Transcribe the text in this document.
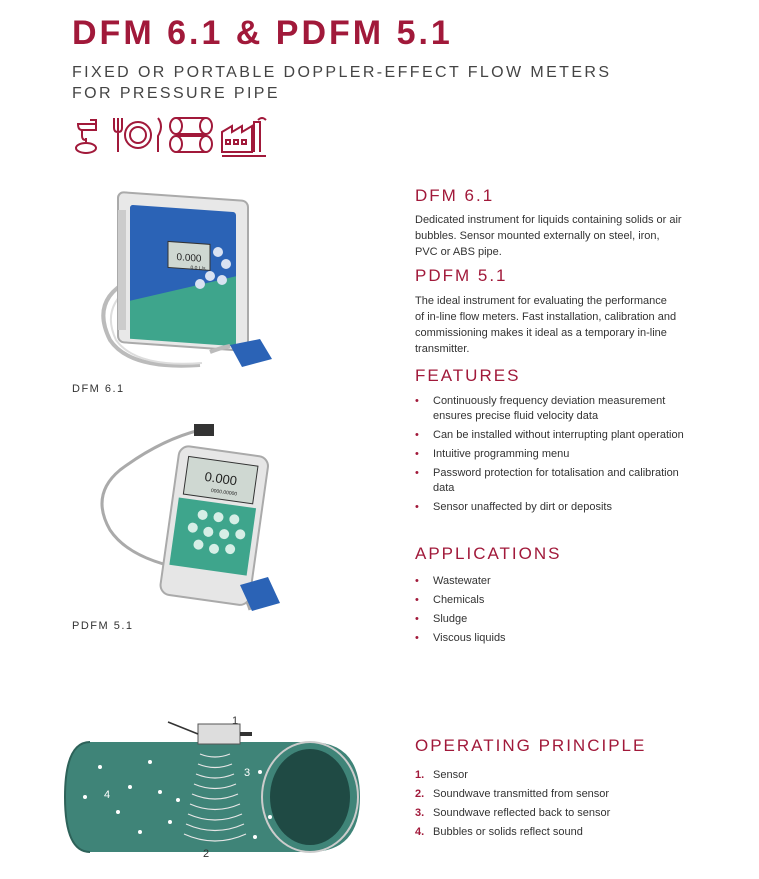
DFM 6.1 & PDFM 5.1
FIXED OR PORTABLE DOPPLER-EFFECT FLOW METERS
FOR PRESSURE PIPE
0.000
0.0 L/s
DFM 6.1
0.000
0000.00000
PDFM 5.1
DFM 6.1
Dedicated instrument for liquids containing solids or air bubbles. Sensor mounted externally on steel, iron, PVC or ABS pipe.
PDFM 5.1
The ideal instrument for evaluating the performance of in-line flow meters. Fast installation, calibration and commissioning makes it ideal as a temporary in-line transmitter.
FEATURES
• Continuously frequency deviation measurement ensures precise fluid velocity data
• Can be installed without interrupting plant operation
• Intuitive programming menu
• Password protection for totalisation and calibration data
• Sensor unaffected by dirt or deposits
APPLICATIONS
• Wastewater
• Chemicals
• Sludge
• Viscous liquids
1
2
3
4
OPERATING PRINCIPLE
1. Sensor
2. Soundwave transmitted from sensor
3. Soundwave reflected back to sensor
4. Bubbles or solids reflect sound
